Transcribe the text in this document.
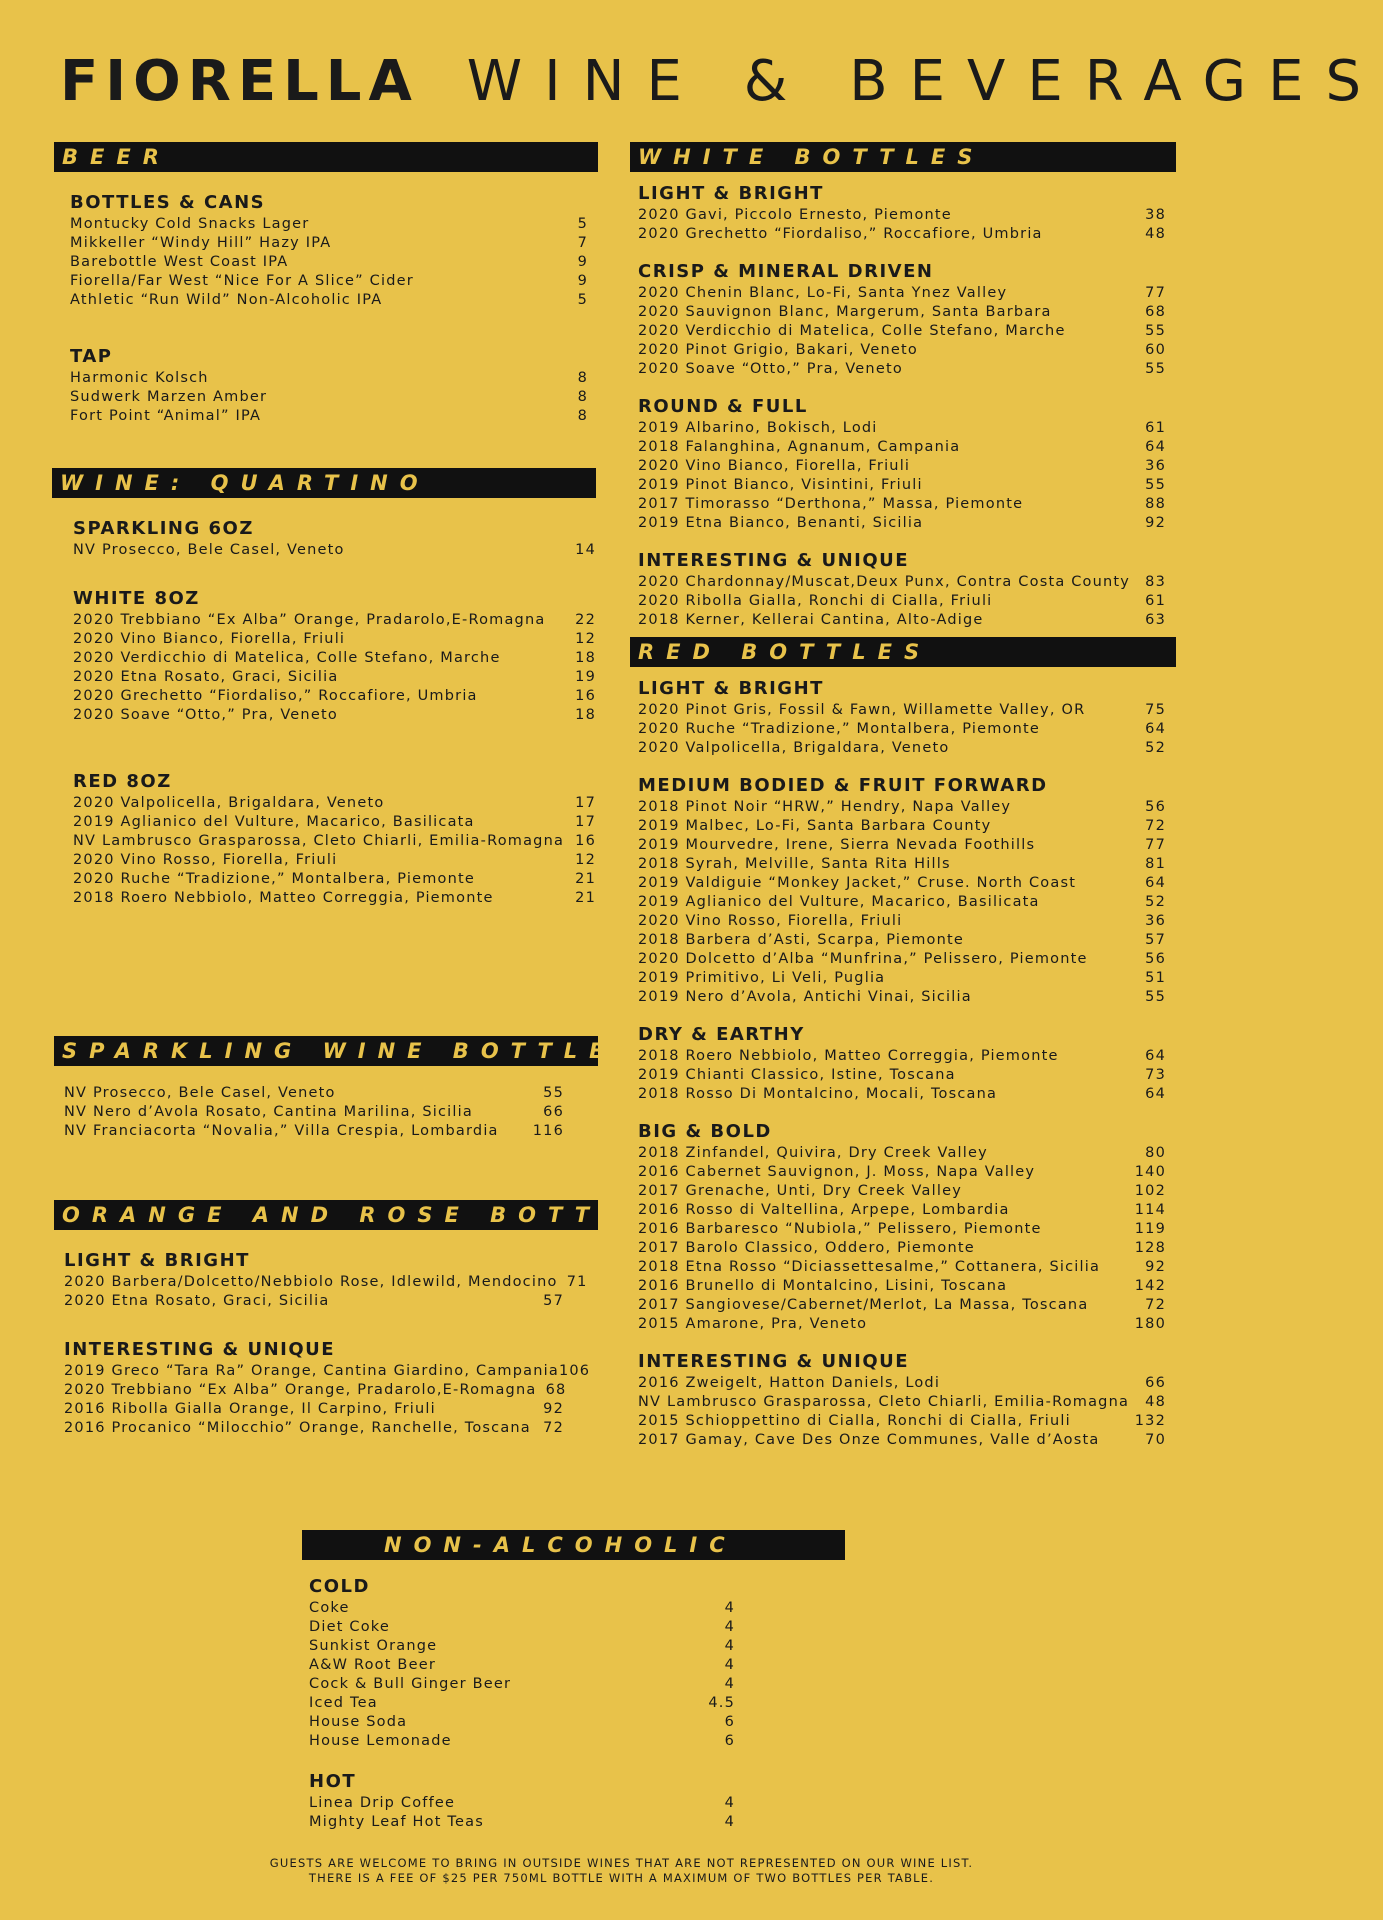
FIORELLA WINE & BEVERAGES
BEER
BOTTLES & CANS
Montucky Cold Snacks Lager	5
Mikkeller “Windy Hill” Hazy IPA	7
Barebottle West Coast IPA	9
Fiorella/Far West “Nice For A Slice” Cider	9
Athletic “Run Wild” Non-Alcoholic IPA	5
TAP
Harmonic Kolsch	8
Sudwerk Marzen Amber	8
Fort Point “Animal” IPA	8
WINE: QUARTINO
SPARKLING 6OZ
NV Prosecco, Bele Casel, Veneto	14
WHITE 8OZ
2020 Trebbiano “Ex Alba” Orange, Pradarolo,E-Romagna	22
2020 Vino Bianco, Fiorella, Friuli	12
2020 Verdicchio di Matelica, Colle Stefano, Marche	18
2020 Etna Rosato, Graci, Sicilia	19
2020 Grechetto “Fiordaliso,” Roccafiore, Umbria	16
2020 Soave “Otto,” Pra, Veneto	18
RED 8OZ
2020 Valpolicella, Brigaldara, Veneto	17
2019 Aglianico del Vulture, Macarico, Basilicata	17
NV Lambrusco Grasparossa, Cleto Chiarli, Emilia-Romagna 16
2020 Vino Rosso, Fiorella, Friuli	12
2020 Ruche “Tradizione,” Montalbera, Piemonte	21
2018 Roero Nebbiolo, Matteo Correggia, Piemonte	21
SPARKLING WINE BOTTLES
NV Prosecco, Bele Casel, Veneto	55
NV Nero d’Avola Rosato, Cantina Marilina, Sicilia	66
NV Franciacorta “Novalia,” Villa Crespia, Lombardia 116
ORANGE AND ROSE BOTTLES
LIGHT & BRIGHT
2020 Barbera/Dolcetto/Nebbiolo Rose, Idlewild, Mendocino 71
2020 Etna Rosato, Graci, Sicilia	57
INTERESTING & UNIQUE
2019 Greco “Tara Ra” Orange, Cantina Giardino, Campania 106
2020 Trebbiano “Ex Alba” Orange, Pradarolo,E-Romagna 68
2016 Ribolla Gialla Orange, Il Carpino, Friuli	92
2016 Procanico “Milocchio” Orange, Ranchelle, Toscana 72
WHITE BOTTLES
LIGHT & BRIGHT
2020 Gavi, Piccolo Ernesto, Piemonte	38
2020 Grechetto “Fiordaliso,” Roccafiore, Umbria	48
CRISP & MINERAL DRIVEN
2020 Chenin Blanc, Lo-Fi, Santa Ynez Valley	77
2020 Sauvignon Blanc, Margerum, Santa Barbara	68
2020 Verdicchio di Matelica, Colle Stefano, Marche	55
2020 Pinot Grigio, Bakari, Veneto	60
2020 Soave “Otto,” Pra, Veneto	55
ROUND & FULL
2019 Albarino, Bokisch, Lodi	61
2018 Falanghina, Agnanum, Campania	64
2020 Vino Bianco, Fiorella, Friuli	36
2019 Pinot Bianco, Visintini, Friuli	55
2017 Timorasso “Derthona,” Massa, Piemonte	88
2019 Etna Bianco, Benanti, Sicilia	92
INTERESTING & UNIQUE
2020 Chardonnay/Muscat,Deux Punx, Contra Costa County	83
2020 Ribolla Gialla, Ronchi di Cialla, Friuli	61
2018 Kerner, Kellerai Cantina, Alto-Adige	63
RED BOTTLES
LIGHT & BRIGHT
2020 Pinot Gris, Fossil & Fawn, Willamette Valley, OR	75
2020 Ruche “Tradizione,” Montalbera, Piemonte	64
2020 Valpolicella, Brigaldara, Veneto	52
MEDIUM BODIED & FRUIT FORWARD
2018 Pinot Noir “HRW,” Hendry, Napa Valley	56
2019 Malbec, Lo-Fi, Santa Barbara County	72
2019 Mourvedre, Irene, Sierra Nevada Foothills	77
2018 Syrah, Melville, Santa Rita Hills	81
2019 Valdiguie “Monkey Jacket,” Cruse. North Coast	64
2019 Aglianico del Vulture, Macarico, Basilicata	52
2020 Vino Rosso, Fiorella, Friuli	36
2018 Barbera d’Asti, Scarpa, Piemonte	57
2020 Dolcetto d’Alba “Munfrina,” Pelissero, Piemonte	56
2019 Primitivo, Li Veli, Puglia	51
2019 Nero d’Avola, Antichi Vinai, Sicilia	55
DRY & EARTHY
2018 Roero Nebbiolo, Matteo Correggia, Piemonte	64
2019 Chianti Classico, Istine, Toscana	73
2018 Rosso Di Montalcino, Mocali, Toscana	64
BIG & BOLD
2018 Zinfandel, Quivira, Dry Creek Valley	80
2016 Cabernet Sauvignon, J. Moss, Napa Valley	140
2017 Grenache, Unti, Dry Creek Valley	102
2016 Rosso di Valtellina, Arpepe, Lombardia	114
2016 Barbaresco “Nubiola,” Pelissero, Piemonte	119
2017 Barolo Classico, Oddero, Piemonte	128
2018 Etna Rosso “Diciassettesalme,” Cottanera, Sicilia	92
2016 Brunello di Montalcino, Lisini, Toscana	142
2017 Sangiovese/Cabernet/Merlot, La Massa, Toscana	72
2015 Amarone, Pra, Veneto	180
INTERESTING & UNIQUE
2016 Zweigelt, Hatton Daniels, Lodi	66
NV Lambrusco Grasparossa, Cleto Chiarli, Emilia-Romagna	48
2015 Schioppettino di Cialla, Ronchi di Cialla, Friuli	132
2017 Gamay, Cave Des Onze Communes, Valle d’Aosta	70
NON-ALCOHOLIC
COLD
Coke	4
Diet Coke	4
Sunkist Orange	4
A&W Root Beer	4
Cock & Bull Ginger Beer	4
Iced Tea	4.5
House Soda	6
House Lemonade	6
HOT
Linea Drip Coffee	4
Mighty Leaf Hot Teas	4
GUESTS ARE WELCOME TO BRING IN OUTSIDE WINES THAT ARE NOT REPRESENTED ON OUR WINE LIST.
THERE IS A FEE OF $25 PER 750ML BOTTLE WITH A MAXIMUM OF TWO BOTTLES PER TABLE.
